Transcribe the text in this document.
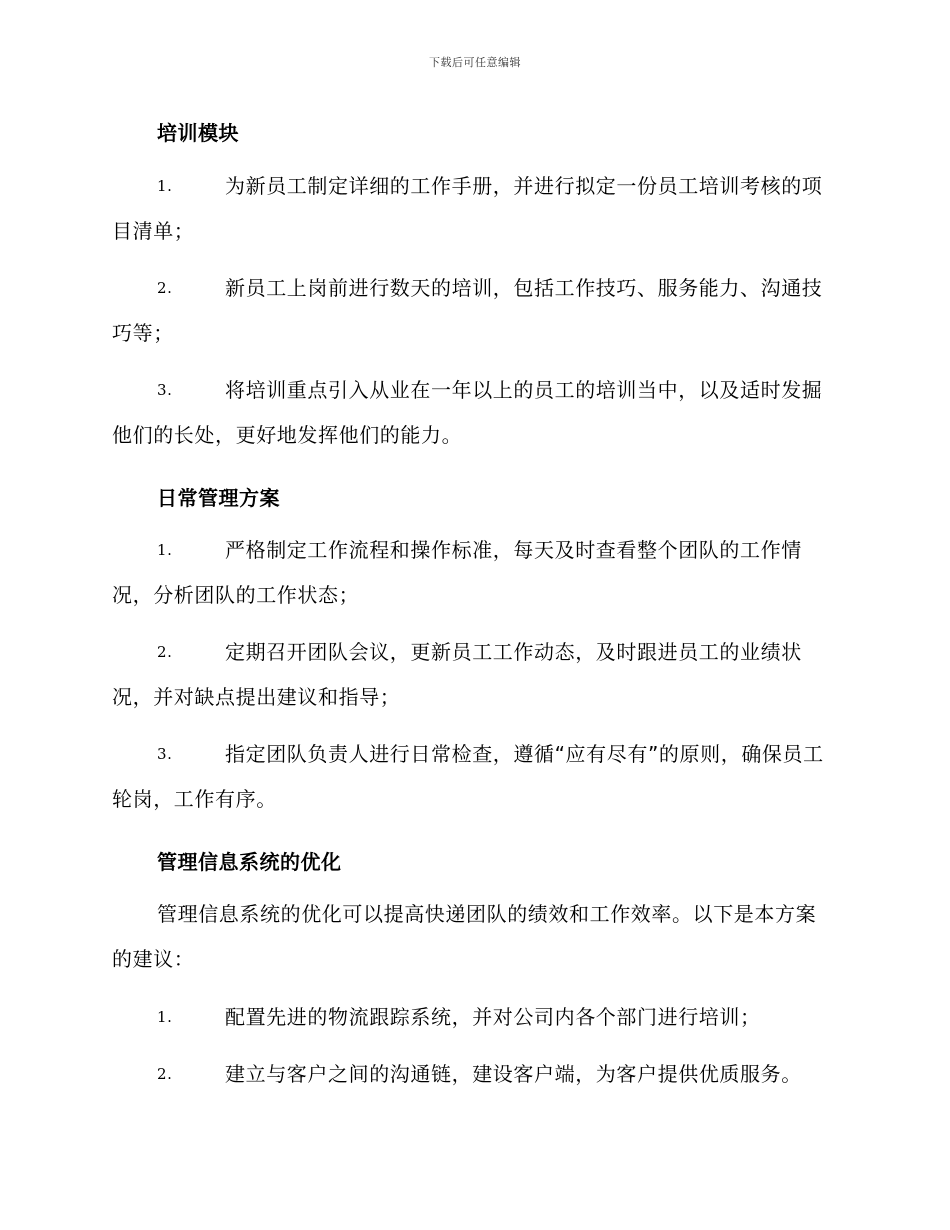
下载后可任意编辑
培训模块
1.	为新员工制定详细的工作手册，并进行拟定一份员工培训考核的项目清单；
2.	新员工上岗前进行数天的培训，包括工作技巧、服务能力、沟通技巧等；
3.	将培训重点引入从业在一年以上的员工的培训当中，以及适时发掘他们的长处，更好地发挥他们的能力。
日常管理方案
1.	严格制定工作流程和操作标准，每天及时查看整个团队的工作情况，分析团队的工作状态；
2.	定期召开团队会议，更新员工工作动态，及时跟进员工的业绩状况，并对缺点提出建议和指导；
3.	指定团队负责人进行日常检查，遵循“应有尽有”的原则，确保员工轮岗，工作有序。
管理信息系统的优化
管理信息系统的优化可以提高快递团队的绩效和工作效率。以下是本方案的建议：
1.	配置先进的物流跟踪系统，并对公司内各个部门进行培训；
2.	建立与客户之间的沟通链，建设客户端，为客户提供优质服务。
